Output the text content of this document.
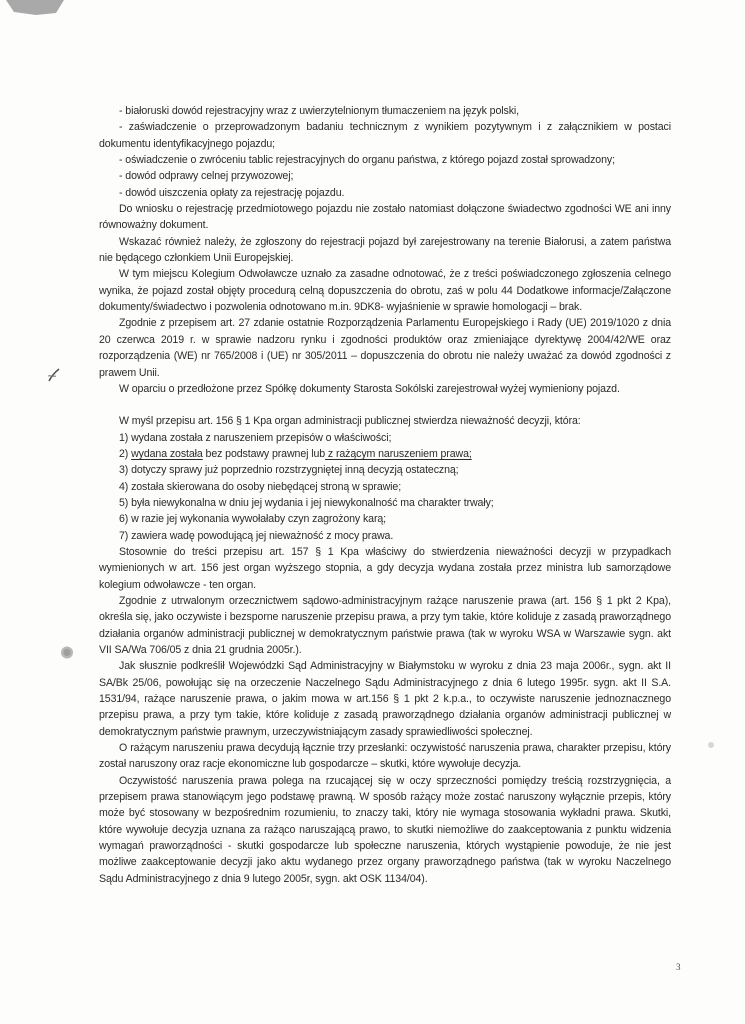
- białoruski dowód rejestracyjny wraz z uwierzytelnionym tłumaczeniem na język polski,

- zaświadczenie o przeprowadzonym badaniu technicznym z wynikiem pozytywnym i z załącznikiem w postaci dokumentu identyfikacyjnego pojazdu;

- oświadczenie o zwróceniu tablic rejestracyjnych do organu państwa, z którego pojazd został sprowadzony;

- dowód odprawy celnej przywozowej;

- dowód uiszczenia opłaty za rejestrację pojazdu.

Do wniosku o rejestrację przedmiotowego pojazdu nie zostało natomiast dołączone świadectwo zgodności WE ani inny równoważny dokument.

Wskazać również należy, że zgłoszony do rejestracji pojazd był zarejestrowany na terenie Białorusi, a zatem państwa nie będącego członkiem Unii Europejskiej.

W tym miejscu Kolegium Odwoławcze uznało za zasadne odnotować, że z treści poświadczonego zgłoszenia celnego wynika, że pojazd został objęty procedurą celną dopuszczenia do obrotu, zaś w polu 44 Dodatkowe informacje/Załączone dokumenty/świadectwo i pozwolenia odnotowano m.in. 9DK8- wyjaśnienie w sprawie homologacji – brak.

Zgodnie z przepisem art. 27 zdanie ostatnie Rozporządzenia Parlamentu Europejskiego i Rady (UE) 2019/1020 z dnia 20 czerwca 2019 r. w sprawie nadzoru rynku i zgodności produktów oraz zmieniające dyrektywę 2004/42/WE oraz rozporządzenia (WE) nr 765/2008 i (UE) nr 305/2011 – dopuszczenia do obrotu nie należy uważać za dowód zgodności z prawem Unii.

W oparciu o przedłożone przez Spółkę dokumenty Starosta Sokólski zarejestrował wyżej wymieniony pojazd.

W myśl przepisu art. 156 § 1 Kpa organ administracji publicznej stwierdza nieważność decyzji, która:

1) wydana została z naruszeniem przepisów o właściwości;

2) wydana została bez podstawy prawnej lub z rażącym naruszeniem prawa;

3) dotyczy sprawy już poprzednio rozstrzygniętej inną decyzją ostateczną;

4) została skierowana do osoby niebędącej stroną w sprawie;

5) była niewykonalna w dniu jej wydania i jej niewykonalność ma charakter trwały;

6) w razie jej wykonania wywołałaby czyn zagrożony karą;

7) zawiera wadę powodującą jej nieważność z mocy prawa.

Stosownie do treści przepisu art. 157 § 1 Kpa właściwy do stwierdzenia nieważności decyzji w przypadkach wymienionych w art. 156 jest organ wyższego stopnia, a gdy decyzja wydana została przez ministra lub samorządowe kolegium odwoławcze - ten organ.

Zgodnie z utrwalonym orzecznictwem sądowo-administracyjnym rażące naruszenie prawa (art. 156 § 1 pkt 2 Kpa), określa się, jako oczywiste i bezsporne naruszenie przepisu prawa, a przy tym takie, które koliduje z zasadą praworządnego działania organów administracji publicznej w demokratycznym państwie prawa (tak w wyroku WSA w Warszawie sygn. akt VII SA/Wa 706/05 z dnia 21 grudnia 2005r.).

Jak słusznie podkreślił Wojewódzki Sąd Administracyjny w Białymstoku w wyroku z dnia 23 maja 2006r., sygn. akt II SA/Bk 25/06, powołując się na orzeczenie Naczelnego Sądu Administracyjnego z dnia 6 lutego 1995r. sygn. akt II S.A. 1531/94, rażące naruszenie prawa, o jakim mowa w art.156 § 1 pkt 2 k.p.a., to oczywiste naruszenie jednoznacznego przepisu prawa, a przy tym takie, które koliduje z zasadą praworządnego działania organów administracji publicznej w demokratycznym państwie prawnym, urzeczywistniającym zasady sprawiedliwości społecznej.

O rażącym naruszeniu prawa decydują łącznie trzy przesłanki: oczywistość naruszenia prawa, charakter przepisu, który został naruszony oraz racje ekonomiczne lub gospodarcze – skutki, które wywołuje decyzja.

Oczywistość naruszenia prawa polega na rzucającej się w oczy sprzeczności pomiędzy treścią rozstrzygnięcia, a przepisem prawa stanowiącym jego podstawę prawną. W sposób rażący może zostać naruszony wyłącznie przepis, który może być stosowany w bezpośrednim rozumieniu, to znaczy taki, który nie wymaga stosowania wykładni prawa. Skutki, które wywołuje decyzja uznana za rażąco naruszającą prawo, to skutki niemożliwe do zaakceptowania z punktu widzenia wymagań praworządności - skutki gospodarcze lub społeczne naruszenia, których wystąpienie powoduje, że nie jest możliwe zaakceptowanie decyzji jako aktu wydanego przez organy praworządnego państwa (tak w wyroku Naczelnego Sądu Administracyjnego z dnia 9 lutego 2005r, sygn. akt OSK 1134/04).

3
